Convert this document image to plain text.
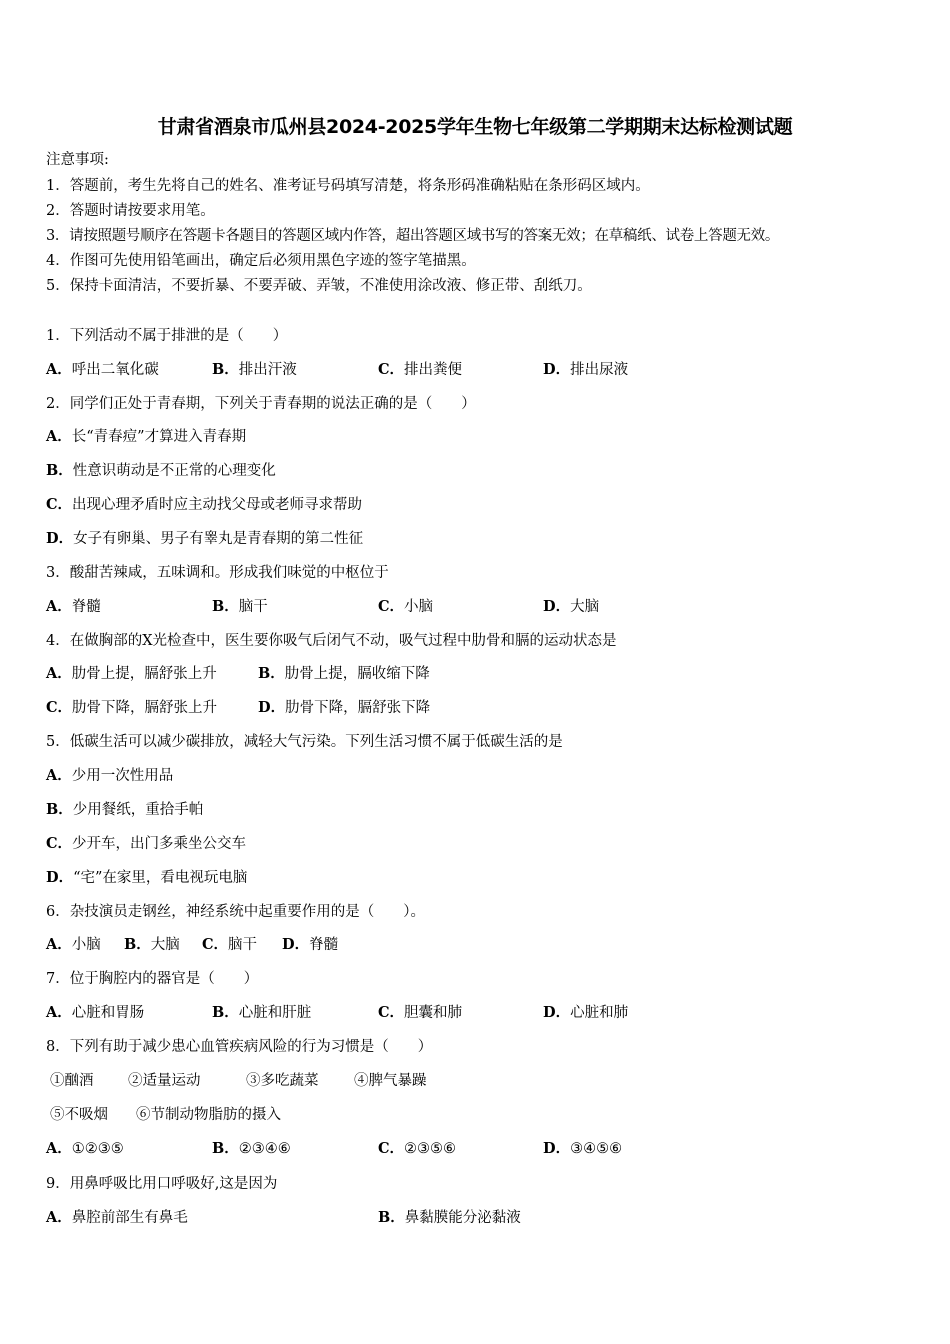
甘肃省酒泉市瓜州县2024-2025学年生物七年级第二学期期末达标检测试题
注意事项:
1．答题前，考生先将自己的姓名、准考证号码填写清楚，将条形码准确粘贴在条形码区域内。
2．答题时请按要求用笔。
3．请按照题号顺序在答题卡各题目的答题区域内作答，超出答题区域书写的答案无效；在草稿纸、试卷上答题无效。
4．作图可先使用铅笔画出，确定后必须用黑色字迹的签字笔描黑。
5．保持卡面清洁，不要折暴、不要弄破、弄皱，不准使用涂改液、修正带、刮纸刀。
1．下列活动不属于排泄的是（　　）
A．呼出二氧化碳	B．排出汗液	C．排出粪便	D．排出尿液
2．同学们正处于青春期，下列关于青春期的说法正确的是（　　）
A．长“青春痘”才算进入青春期
B．性意识萌动是不正常的心理变化
C．出现心理矛盾时应主动找父母或老师寻求帮助
D．女子有卵巢、男子有睾丸是青春期的第二性征
3．酸甜苦辣咸，五味调和。形成我们味觉的中枢位于
A．脊髓	B．脑干	C．小脑	D．大脑
4．在做胸部的X光检查中，医生要你吸气后闭气不动，吸气过程中肋骨和膈的运动状态是
A．肋骨上提，膈舒张上升	B．肋骨上提，膈收缩下降
C．肋骨下降，膈舒张上升	D．肋骨下降，膈舒张下降
5．低碳生活可以减少碳排放，减轻大气污染。下列生活习惯不属于低碳生活的是
A．少用一次性用品
B．少用餐纸，重拾手帕
C．少开车，出门多乘坐公交车
D．“宅”在家里，看电视玩电脑
6．杂技演员走钢丝，神经系统中起重要作用的是（　　）。
A．小脑 B．大脑 C．脑干 D．脊髓
7．位于胸腔内的器官是（　　）
A．心脏和胃肠	B．心脏和肝脏	C．胆囊和肺	D．心脏和肺
8．下列有助于减少患心血管疾病风险的行为习惯是（　　）
①酗酒 ②适量运动	③多吃蔬菜 ④脾气暴躁
⑤不吸烟 ⑥节制动物脂肪的摄入
A．①②③⑤	B．②③④⑥	C．②③⑤⑥	D．③④⑤⑥
9．用鼻呼吸比用口呼吸好,这是因为
A．鼻腔前部生有鼻毛	B．鼻黏膜能分泌黏液
